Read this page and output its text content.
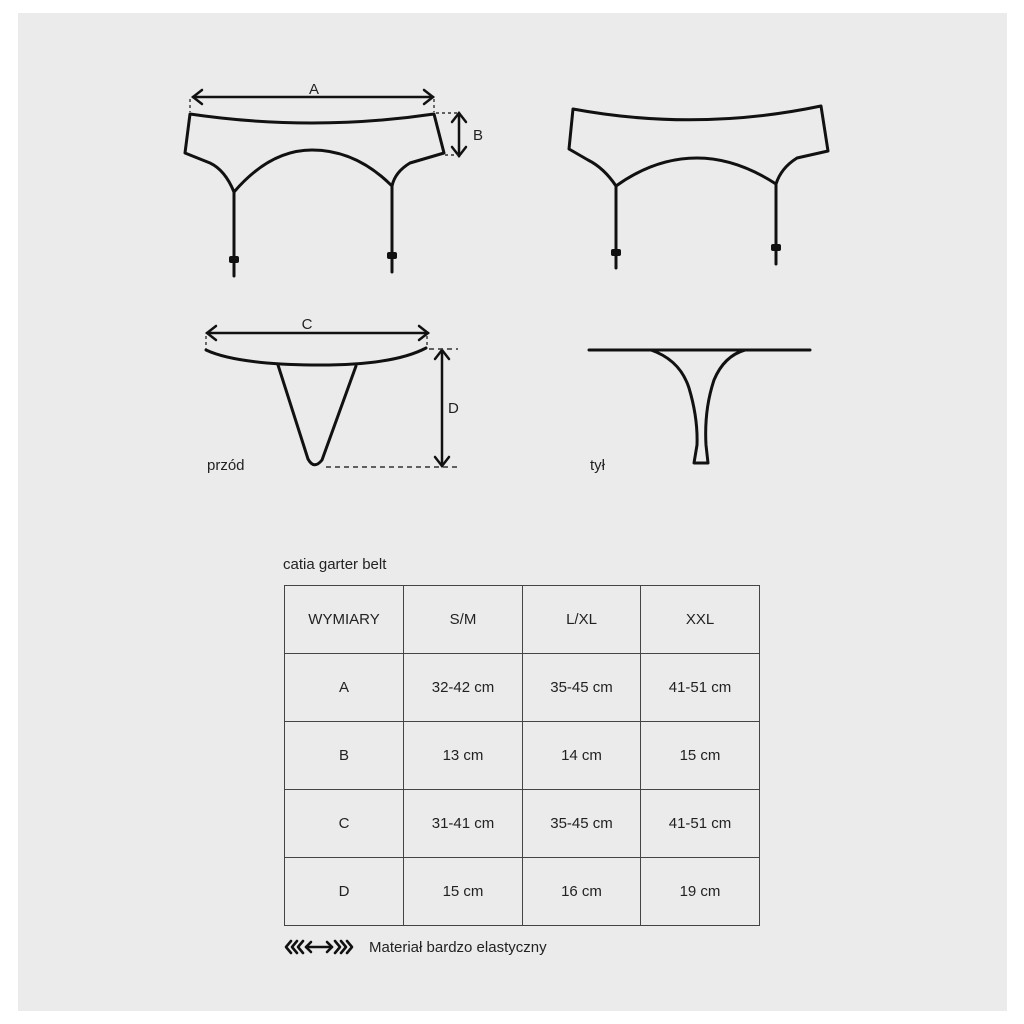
A
B
C
D
przód	tył
catia garter belt
WYMIARY	S/M	L/XL	XXL
A	32-42 cm	35-45 cm	41-51 cm
B	13 cm	14 cm	15 cm
C	31-41 cm	35-45 cm	41-51 cm
D	15 cm	16 cm	19 cm
Materiał bardzo elastyczny
